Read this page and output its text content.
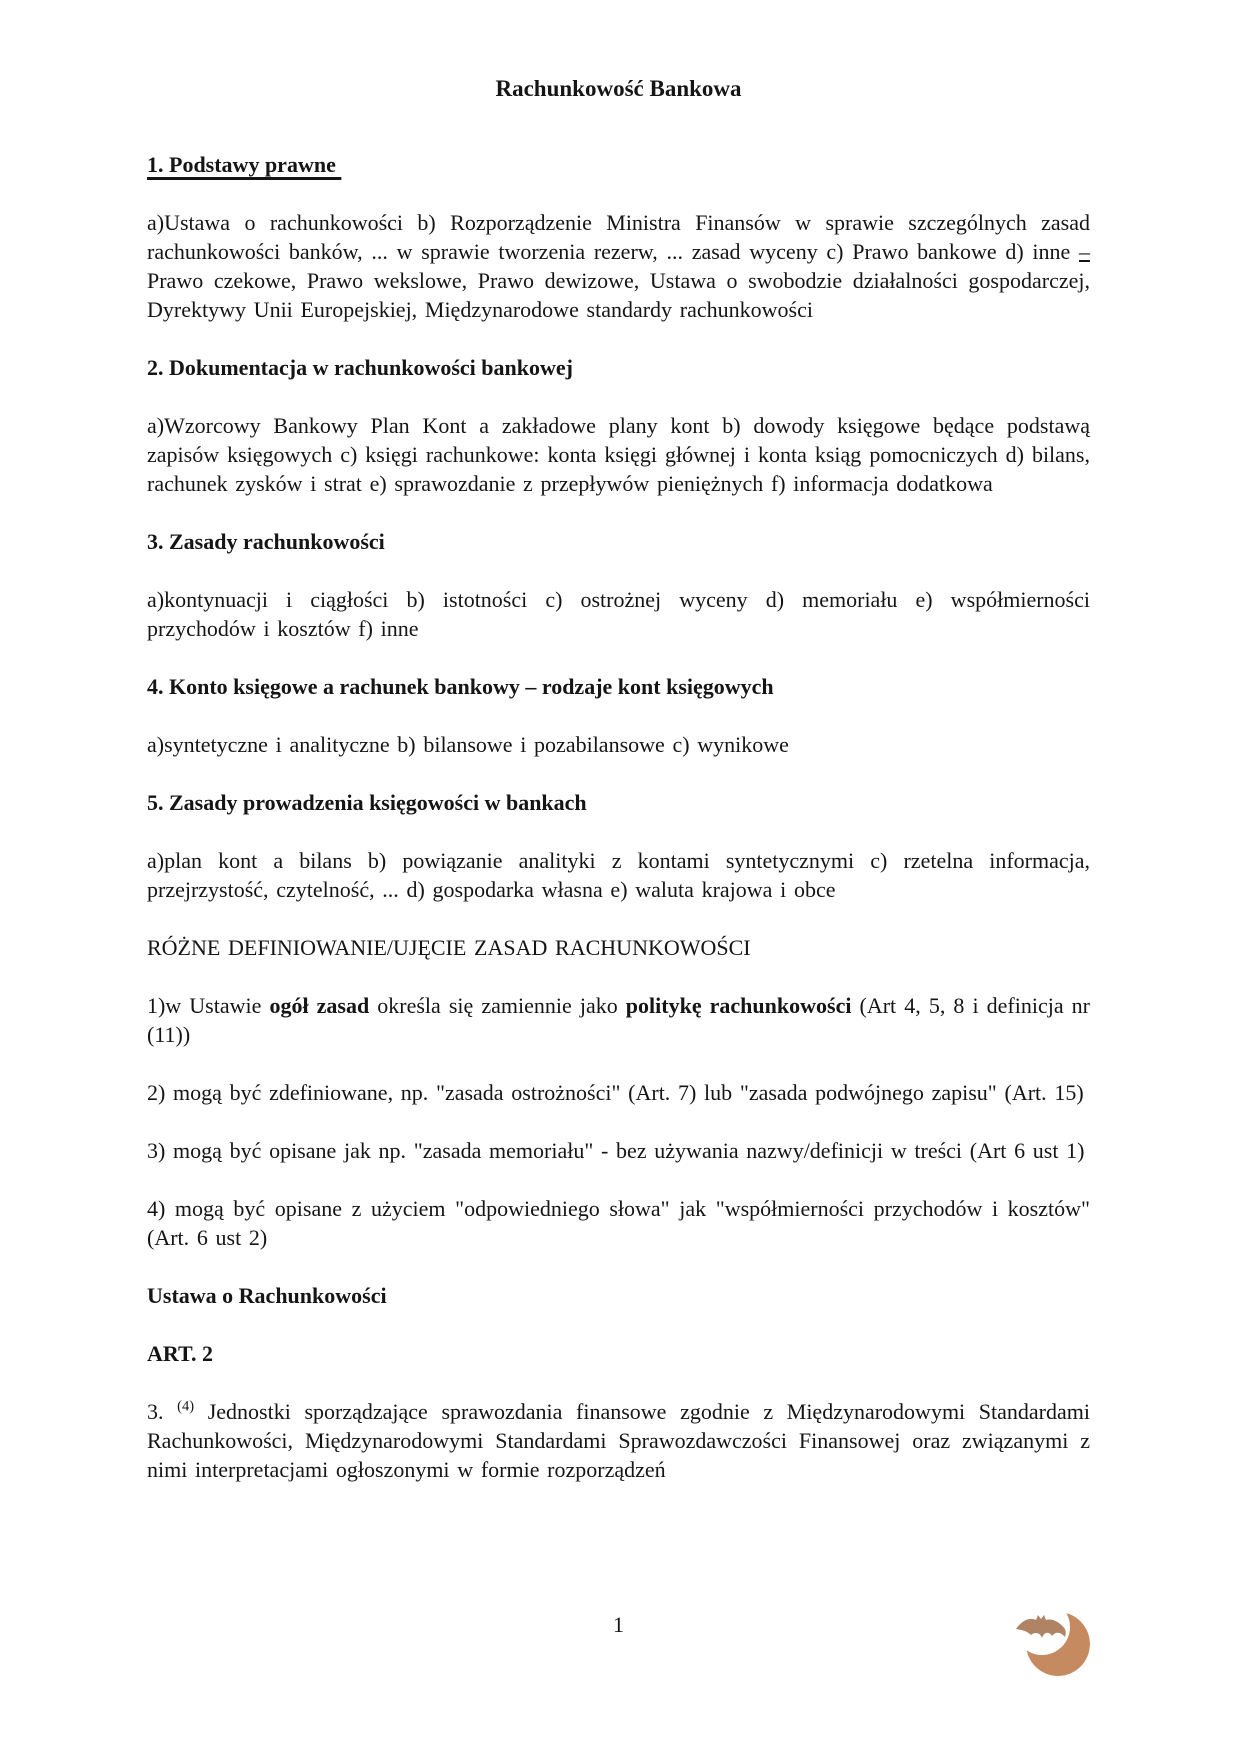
Rachunkowość Bankowa
1. Podstawy prawne

a)Ustawa o rachunkowości b) Rozporządzenie Ministra Finansów w sprawie szczególnych zasad rachunkowości banków, ... w sprawie tworzenia rezerw, ... zasad wyceny c) Prawo bankowe d) inne – Prawo czekowe, Prawo wekslowe, Prawo dewizowe, Ustawa o swobodzie działalności gospodarczej, Dyrektywy Unii Europejskiej, Międzynarodowe standardy rachunkowości

2. Dokumentacja w rachunkowości bankowej

a)Wzorcowy Bankowy Plan Kont a zakładowe plany kont b) dowody księgowe będące podstawą zapisów księgowych c) księgi rachunkowe: konta księgi głównej i konta ksiąg pomocniczych d) bilans, rachunek zysków i strat e) sprawozdanie z przepływów pieniężnych f) informacja dodatkowa

3. Zasady rachunkowości

a)kontynuacji i ciągłości b) istotności c) ostrożnej wyceny d) memoriału e) współmierności przychodów i kosztów f) inne

4. Konto księgowe a rachunek bankowy – rodzaje kont księgowych

a)syntetyczne i analityczne b) bilansowe i pozabilansowe c) wynikowe

5. Zasady prowadzenia księgowości w bankach

a)plan kont a bilans b) powiązanie analityki z kontami syntetycznymi c) rzetelna informacja, przejrzystość, czytelność, ... d) gospodarka własna e) waluta krajowa i obce

RÓŻNE DEFINIOWANIE/UJĘCIE ZASAD RACHUNKOWOŚCI

1)w Ustawie ogół zasad określa się zamiennie jako politykę rachunkowości (Art 4, 5, 8 i definicja nr (11))

2) mogą być zdefiniowane, np. "zasada ostrożności" (Art. 7) lub "zasada podwójnego zapisu" (Art. 15)

3) mogą być opisane jak np. "zasada memoriału" - bez używania nazwy/definicji w treści (Art 6 ust 1)

4) mogą być opisane z użyciem "odpowiedniego słowa" jak "współmierności przychodów i kosztów" (Art. 6 ust 2)

Ustawa o Rachunkowości
ART. 2

3. $^{(4)}$ Jednostki sporządzające sprawozdania finansowe zgodnie z Międzynarodowymi Standardami Rachunkowości, Międzynarodowymi Standardami Sprawozdawczości Finansowej oraz związanymi z nimi interpretacjami ogłoszonymi w formie rozporządzeń

1
